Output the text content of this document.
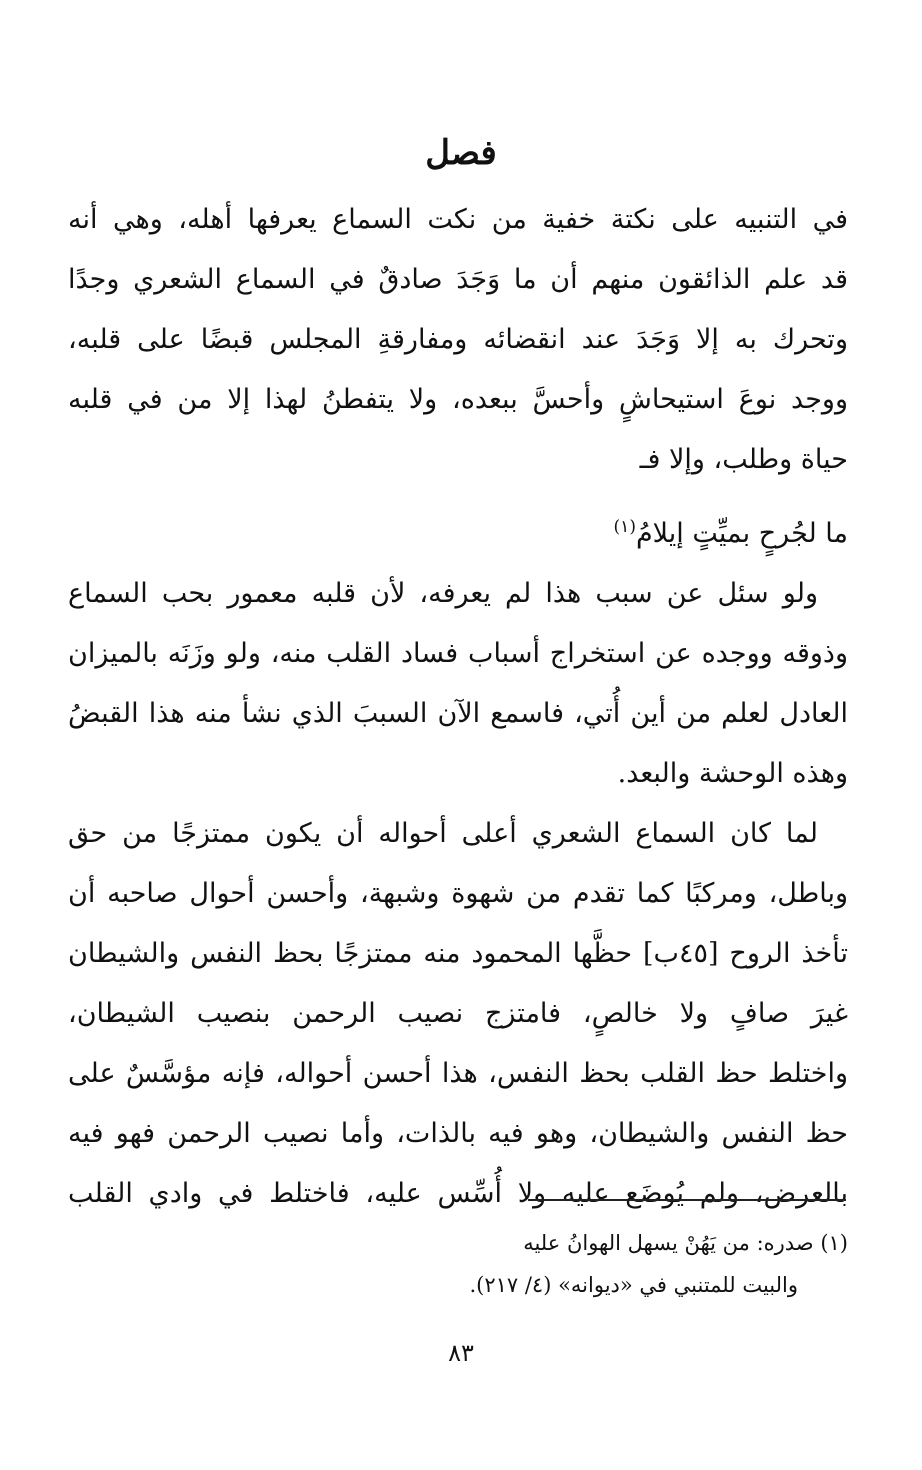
فصل
في التنبيه على نكتة خفية من نكت السماع يعرفها أهله، وهي أنه
قد علم الذائقون منهم أن ما وَجَدَ صادقٌ في السماع الشعري وجدًا
وتحرك به إلا وَجَدَ عند انقضائه ومفارقةِ المجلس قبضًا على قلبه،
ووجد نوعَ استيحاشٍ وأحسَّ ببعده، ولا يتفطنُ لهذا إلا من في قلبه
حياة وطلب، وإلا فـ
ما لجُرحٍ بميِّتٍ إيلامُ$^{(١)}$
ولو سئل عن سبب هذا لم يعرفه، لأن قلبه معمور بحب السماع
وذوقه ووجده عن استخراج أسباب فساد القلب منه، ولو وزَنَه بالميزان
العادل لعلم من أين أُتي، فاسمع الآن السببَ الذي نشأ منه هذا القبضُ
وهذه الوحشة والبعد.
لما كان السماع الشعري أعلى أحواله أن يكون ممتزجًا من حق
وباطل، ومركبًا كما تقدم من شهوة وشبهة، وأحسن أحوال صاحبه أن
تأخذ الروح [٤٥ب] حظَّها المحمود منه ممتزجًا بحظ النفس والشيطان
غيرَ صافٍ ولا خالصٍ، فامتزج نصيب الرحمن بنصيب الشيطان،
واختلط حظ القلب بحظ النفس، هذا أحسن أحواله، فإنه مؤسَّسٌ على
حظ النفس والشيطان، وهو فيه بالذات، وأما نصيب الرحمن فهو فيه
بالعرض، ولم يُوضَع عليه ولا أُسِّس عليه، فاختلط في وادي القلب
(١) صدره: من يَهُنْ يسهل الهوانُ عليه
والبيت للمتنبي في «ديوانه» (٤/ ٢١٧).
٨٣
